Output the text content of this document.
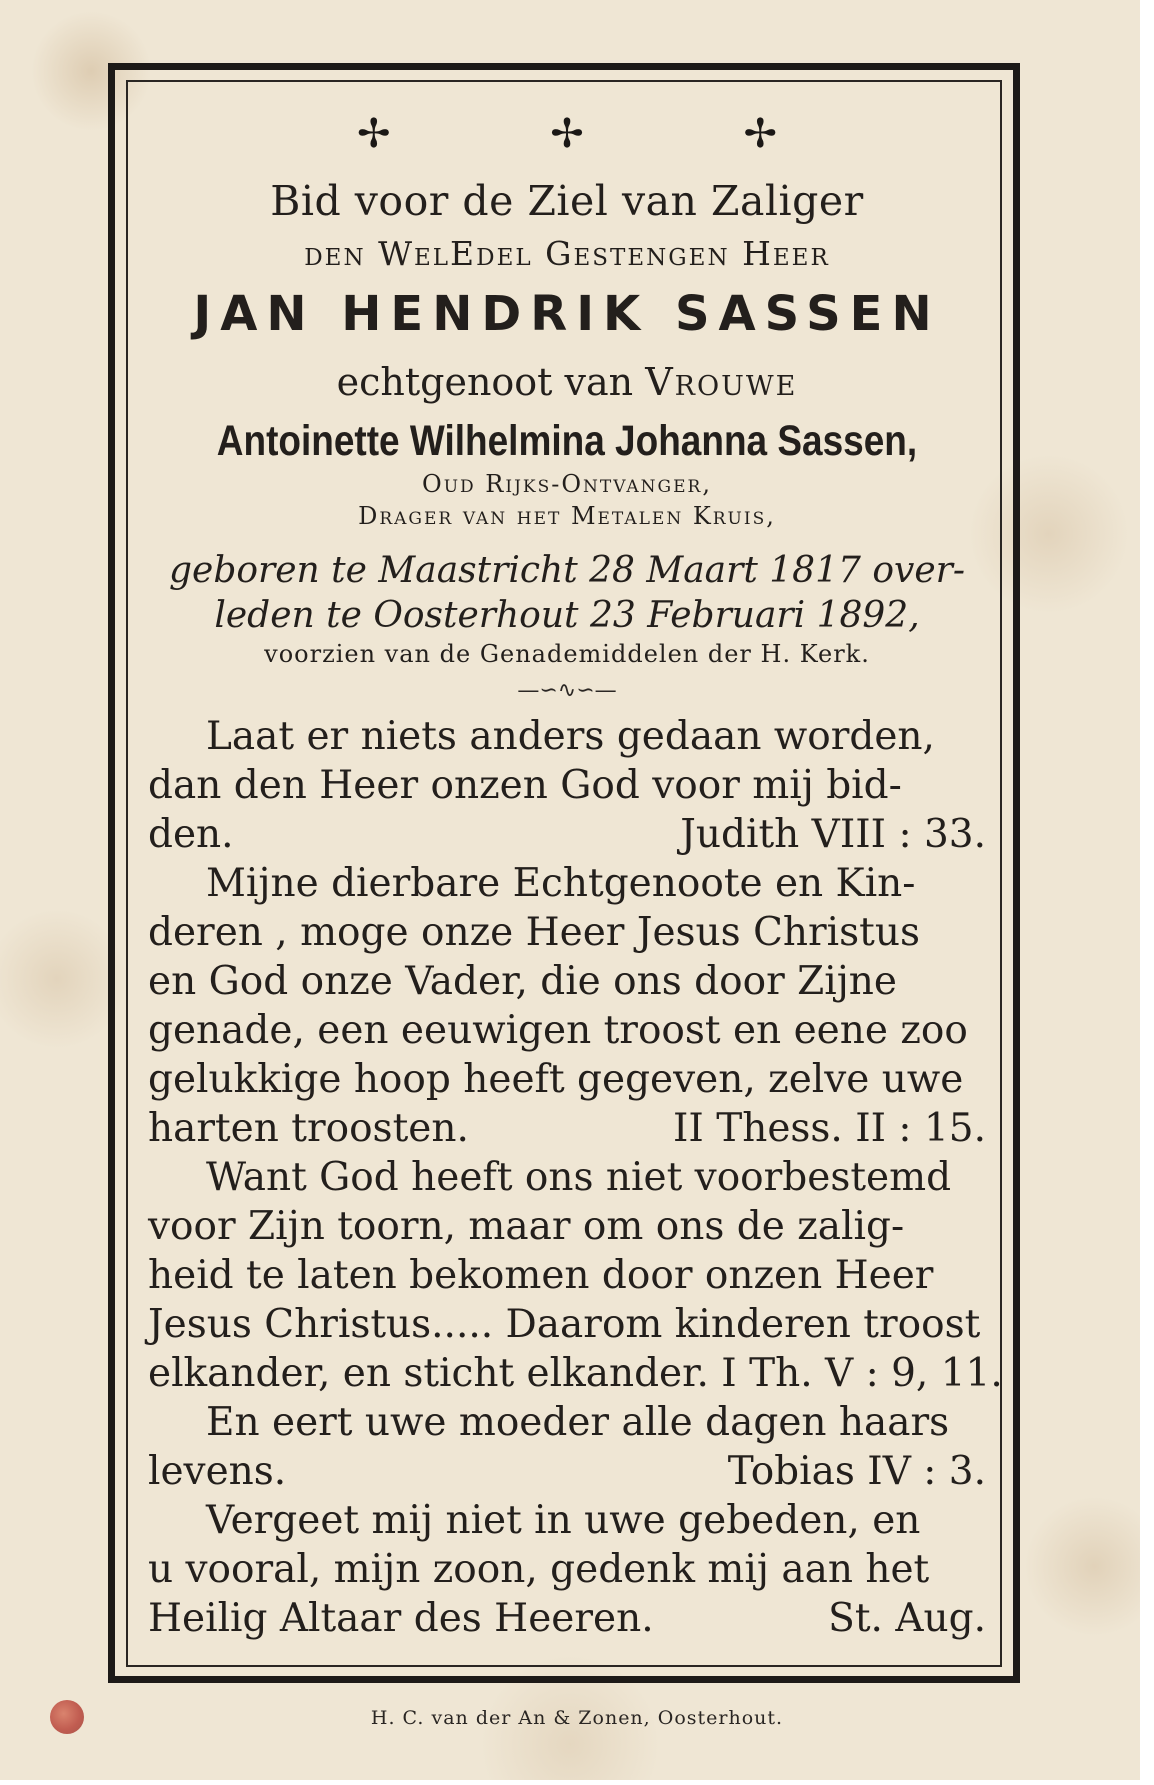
✢	✢	✢
Bid voor de Ziel van Zaliger
den WelEdel Gestengen Heer
JAN HENDRIK SASSEN
echtgenoot van Vrouwe
Antoinette Wilhelmina Johanna Sassen,
Oud Rijks-Ontvanger,
Drager van het Metalen Kruis,
geboren te Maastricht 28 Maart 1817 over-
leden te Oosterhout 23 Februari 1892,
voorzien van de Genademiddelen der H. Kerk.
—∽∿∽—
Laat er niets anders gedaan worden,
dan den Heer onzen God voor mij bid-
den.	Judith VIII : 33.
Mijne dierbare Echtgenoote en Kin-
deren , moge onze Heer Jesus Christus
en God onze Vader, die ons door Zijne
genade, een eeuwigen troost en eene zoo
gelukkige hoop heeft gegeven, zelve uwe
harten troosten.	II Thess. II : 15.
Want God heeft ons niet voorbestemd
voor Zijn toorn, maar om ons de zalig-
heid te laten bekomen door onzen Heer
Jesus Christus..... Daarom kinderen troost
elkander, en sticht elkander. I Th. V : 9, 11.
En eert uwe moeder alle dagen haars
levens.	Tobias IV : 3.
Vergeet mij niet in uwe gebeden, en
u vooral, mijn zoon, gedenk mij aan het
Heilig Altaar des Heeren.	St. Aug.
H. C. van der An & Zonen, Oosterhout.
